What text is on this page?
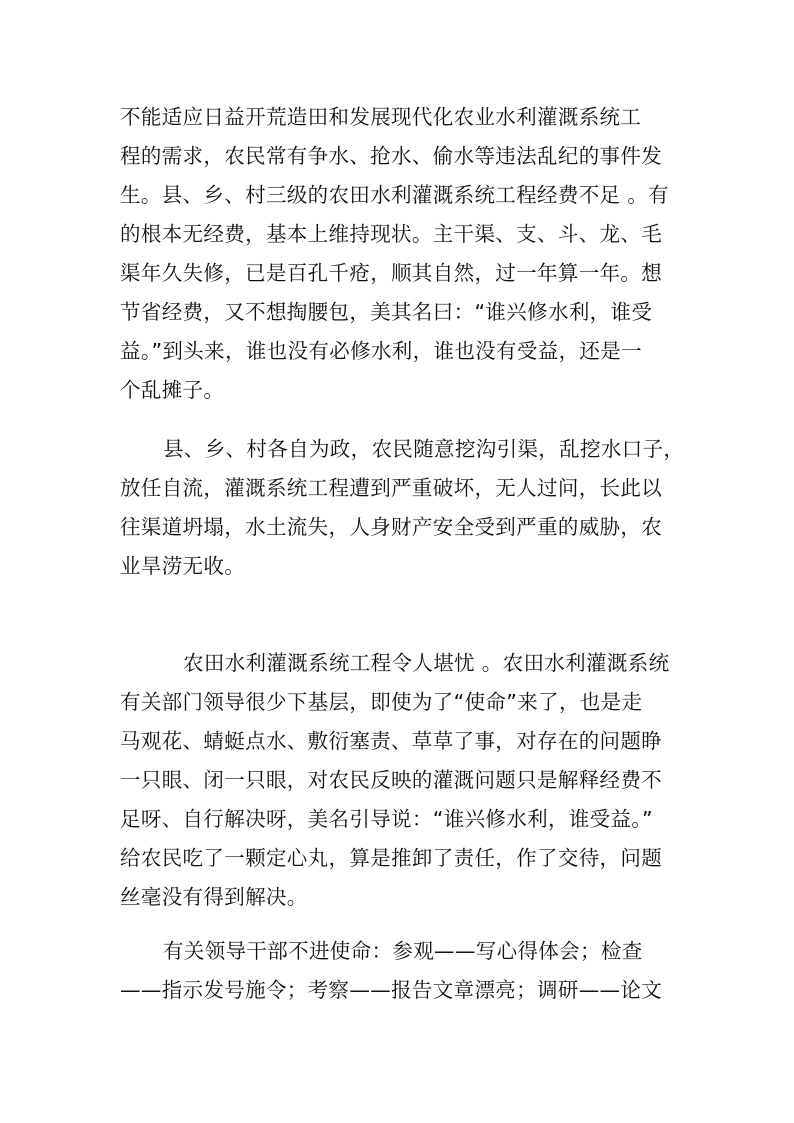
不能适应日益开荒造田和发展现代化农业水利灌溉系统工
程的需求，农民常有争水、抢水、偷水等违法乱纪的事件发
生。县、乡、村三级的农田水利灌溉系统工程经费不足 。有
的根本无经费，基本上维持现状。主干渠、支、斗、龙、毛
渠年久失修，已是百孔千疮，顺其自然，过一年算一年。想
节省经费，又不想掏腰包，美其名曰：“谁兴修水利，谁受
益。”到头来，谁也没有必修水利，谁也没有受益，还是一
个乱摊子。
县、乡、村各自为政，农民随意挖沟引渠，乱挖水口子，
放任自流，灌溉系统工程遭到严重破坏，无人过问，长此以
往渠道坍塌，水土流失，人身财产安全受到严重的威胁，农
业旱涝无收。
农田水利灌溉系统工程令人堪忧 。农田水利灌溉系统
有关部门领导很少下基层，即使为了“使命”来了，也是走
马观花、蜻蜓点水、敷衍塞责、草草了事，对存在的问题睁
一只眼、闭一只眼，对农民反映的灌溉问题只是解释经费不
足呀、自行解决呀，美名引导说：“谁兴修水利，谁受益。”
给农民吃了一颗定心丸，算是推卸了责任，作了交待，问题
丝毫没有得到解决。
有关领导干部不进使命：参观——写心得体会；检查
——指示发号施令；考察——报告文章漂亮；调研——论文
